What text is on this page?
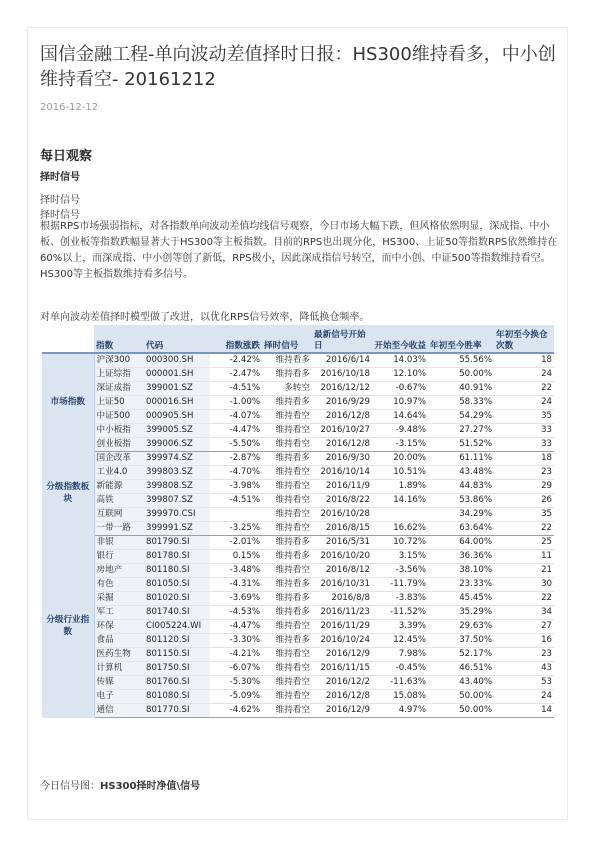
国信金融工程-单向波动差值择时日报：HS300维持看多，中小创维持看空- 20161212
2016-12-12
每日观察
择时信号
择时信号
择时信号
根据RPS市场强弱指标，对各指数单向波动差值均线信号观察，今日市场大幅下跌，但风格依然明显，深成指、中小板、创业板等指数跌幅显著大于HS300等主板指数。目前的RPS也出现分化，HS300、上证50等指数RPS依然维持在60%以上，而深成指、中小创等创了新低，RPS极小，因此深成指信号转空，而中小创、中证500等指数维持看空。HS300等主板指数维持看多信号。
对单向波动差值择时模型做了改进，以优化RPS信号效率，降低换仓频率。
	指数	代码	指数涨跌	择时信号	最新信号开始日	开始至今收益	年初至今胜率	年初至今换仓次数
市场指数	沪深300	000300.SH	-2.42%	维持看多	2016/6/14	14.03%	55.56%	18
	上证综指	000001.SH	-2.47%	维持看多	2016/10/18	12.10%	50.00%	24
	深证成指	399001.SZ	-4.51%	多转空	2016/12/12	-0.67%	40.91%	22
	上证50	000016.SH	-1.00%	维持看多	2016/9/29	10.97%	58.33%	24
	中证500	000905.SH	-4.07%	维持看空	2016/12/8	14.64%	54.29%	35
	中小板指	399005.SZ	-4.47%	维持看空	2016/10/27	-9.48%	27.27%	33
	创业板指	399006.SZ	-5.50%	维持看空	2016/12/8	-3.15%	51.52%	33
分级指数板块	国企改革	399974.SZ	-2.87%	维持看多	2016/9/30	20.00%	61.11%	18
	工业4.0	399803.SZ	-4.70%	维持看空	2016/10/14	10.51%	43.48%	23
	新能源	399808.SZ	-3.98%	维持看空	2016/11/9	1.89%	44.83%	29
	高铁	399807.SZ	-4.51%	维持看空	2016/8/22	14.16%	53.86%	26
	互联网	399970.CSI		维持看空	2016/10/28		34.29%	35
	一带一路	399991.SZ	-3.25%	维持看空	2016/8/15	16.62%	63.64%	22
分级行业指数	非银	801790.SI	-2.01%	维持看多	2016/5/31	10.72%	64.00%	25
	银行	801780.SI	0.15%	维持看多	2016/10/20	3.15%	36.36%	11
	房地产	801180.SI	-3.48%	维持看空	2016/8/12	-3.56%	38.10%	21
	有色	801050.SI	-4.31%	维持看多	2016/10/31	-11.79%	23.33%	30
	采掘	801020.SI	-3.69%	维持看多	2016/8/8	-3.83%	45.45%	22
	军工	801740.SI	-4.53%	维持看多	2016/11/23	-11.52%	35.29%	34
	环保	CI005224.WI	-4.47%	维持看空	2016/11/29	3.39%	29.63%	27
	食品	801120.SI	-3.30%	维持看多	2016/10/24	12.45%	37.50%	16
	医药生物	801150.SI	-4.21%	维持看空	2016/12/9	7.98%	52.17%	23
	计算机	801750.SI	-6.07%	维持看空	2016/11/15	-0.45%	46.51%	43
	传媒	801760.SI	-5.30%	维持看空	2016/12/2	-11.63%	43.40%	53
	电子	801080.SI	-5.09%	维持看空	2016/12/8	15.08%	50.00%	24
	通信	801770.SI	-4.62%	维持看空	2016/12/9	4.97%	50.00%	14
今日信号图：HS300择时净值\信号
